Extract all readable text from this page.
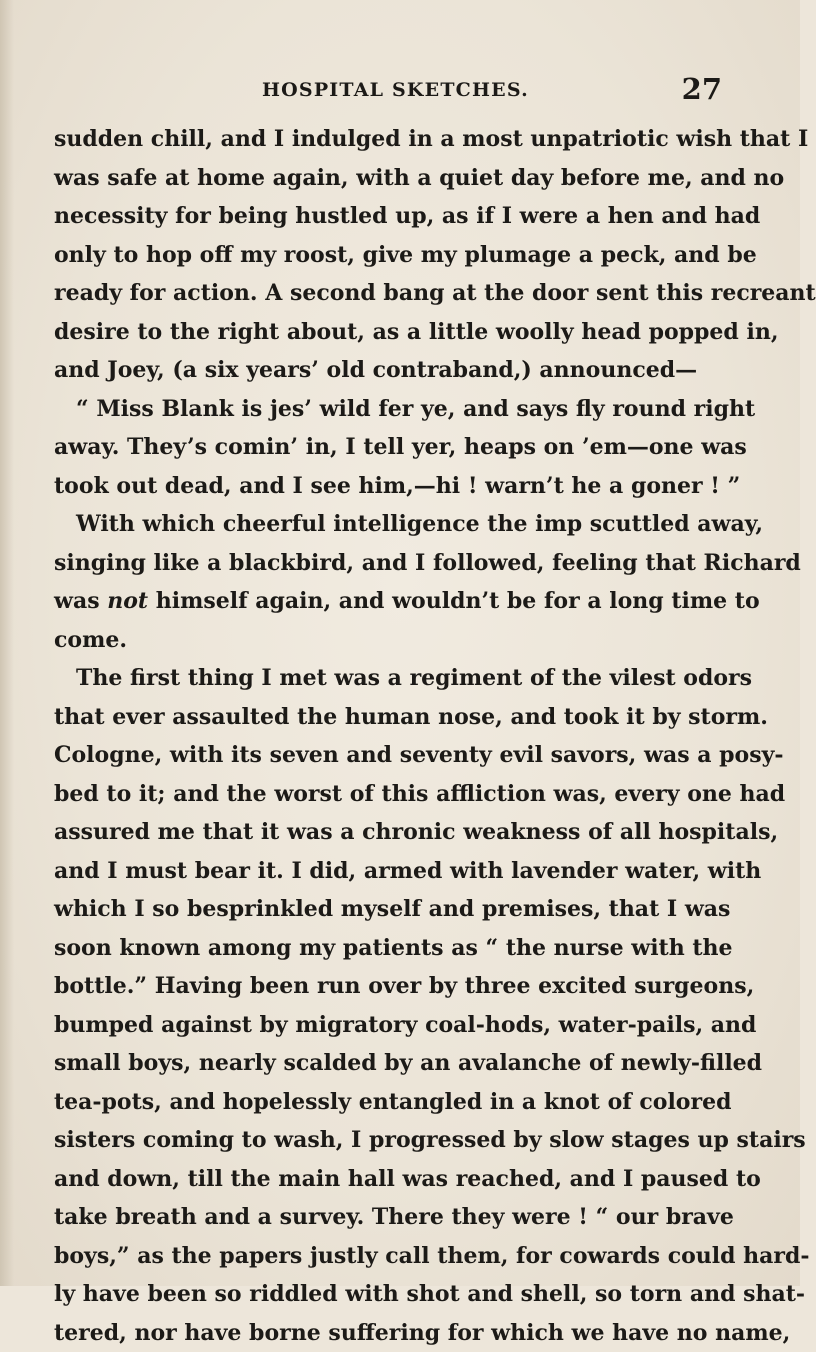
HOSPITAL SKETCHES.	27
sudden chill, and I indulged in a most unpatriotic wish that I
was safe at home again, with a quiet day before me, and no
necessity for being hustled up, as if I were a hen and had
only to hop off my roost, give my plumage a peck, and be
ready for action. A second bang at the door sent this recreant
desire to the right about, as a little woolly head popped in,
and Joey, (a six years’ old contraband,) announced—
“ Miss Blank is jes’ wild fer ye, and says fly round right
away. They’s comin’ in, I tell yer, heaps on ’em—one was
took out dead, and I see him,—hi ! warn’t he a goner ! ”
With which cheerful intelligence the imp scuttled away,
singing like a blackbird, and I followed, feeling that Richard
was not himself again, and wouldn’t be for a long time to
come.
The first thing I met was a regiment of the vilest odors
that ever assaulted the human nose, and took it by storm.
Cologne, with its seven and seventy evil savors, was a posy-
bed to it; and the worst of this affliction was, every one had
assured me that it was a chronic weakness of all hospitals,
and I must bear it. I did, armed with lavender water, with
which I so besprinkled myself and premises, that I was
soon known among my patients as “ the nurse with the
bottle.” Having been run over by three excited surgeons,
bumped against by migratory coal-hods, water-pails, and
small boys, nearly scalded by an avalanche of newly-filled
tea-pots, and hopelessly entangled in a knot of colored
sisters coming to wash, I progressed by slow stages up stairs
and down, till the main hall was reached, and I paused to
take breath and a survey. There they were ! “ our brave
boys,” as the papers justly call them, for cowards could hard-
ly have been so riddled with shot and shell, so torn and shat-
tered, nor have borne suffering for which we have no name,
